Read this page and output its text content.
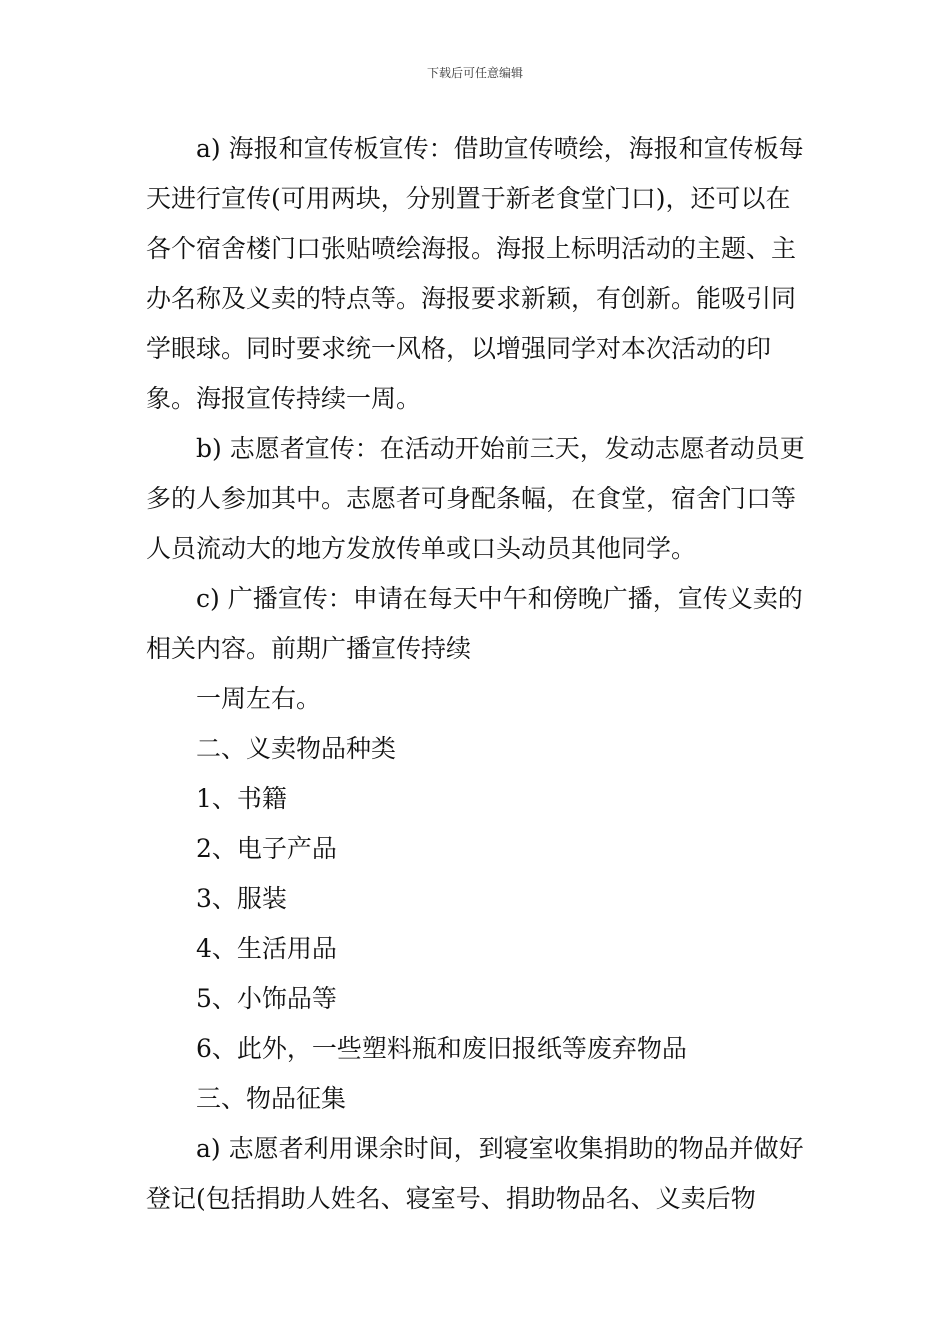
下载后可任意编辑

a) 海报和宣传板宣传：借助宣传喷绘，海报和宣传板每天进行宣传(可用两块，分别置于新老食堂门口)，还可以在各个宿舍楼门口张贴喷绘海报。海报上标明活动的主题、主办名称及义卖的特点等。海报要求新颖，有创新。能吸引同学眼球。同时要求统一风格，以增强同学对本次活动的印象。海报宣传持续一周。

b) 志愿者宣传：在活动开始前三天，发动志愿者动员更多的人参加其中。志愿者可身配条幅，在食堂，宿舍门口等人员流动大的地方发放传单或口头动员其他同学。

c) 广播宣传：申请在每天中午和傍晚广播，宣传义卖的相关内容。前期广播宣传持续

一周左右。

二、义卖物品种类

1、书籍

2、电子产品

3、服装

4、生活用品

5、小饰品等

6、此外，一些塑料瓶和废旧报纸等废弃物品

三、物品征集

a) 志愿者利用课余时间，到寝室收集捐助的物品并做好登记(包括捐助人姓名、寝室号、捐助物品名、义卖后物
